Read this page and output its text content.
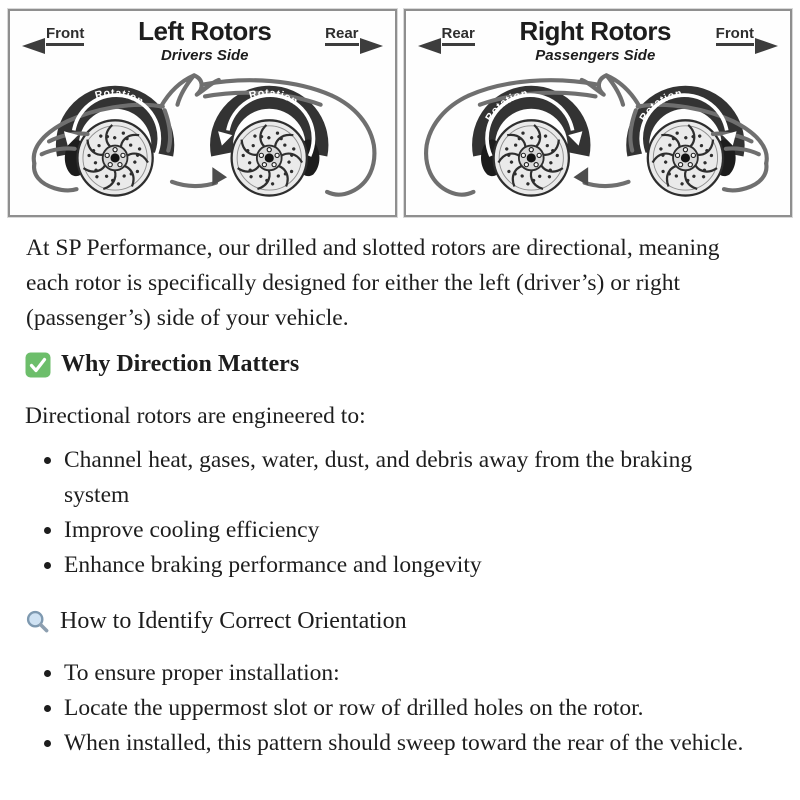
Front	Left Rotors
Drivers Side
Rear
Rotation	Rotation
Rear	Right Rotors
Passengers Side
Front
Rotation
Rotation

At SP Performance, our drilled and slotted rotors are directional, meaning each rotor is specifically designed for either the left (driver’s) or right (passenger’s) side of your vehicle.

Why Direction Matters

Directional rotors are engineered to:

• Channel heat, gases, water, dust, and debris away from the braking system
• Improve cooling efficiency
• Enhance braking performance and longevity
How to Identify Correct Orientation
• To ensure proper installation:
• Locate the uppermost slot or row of drilled holes on the rotor.
• When installed, this pattern should sweep toward the rear of the vehicle.
